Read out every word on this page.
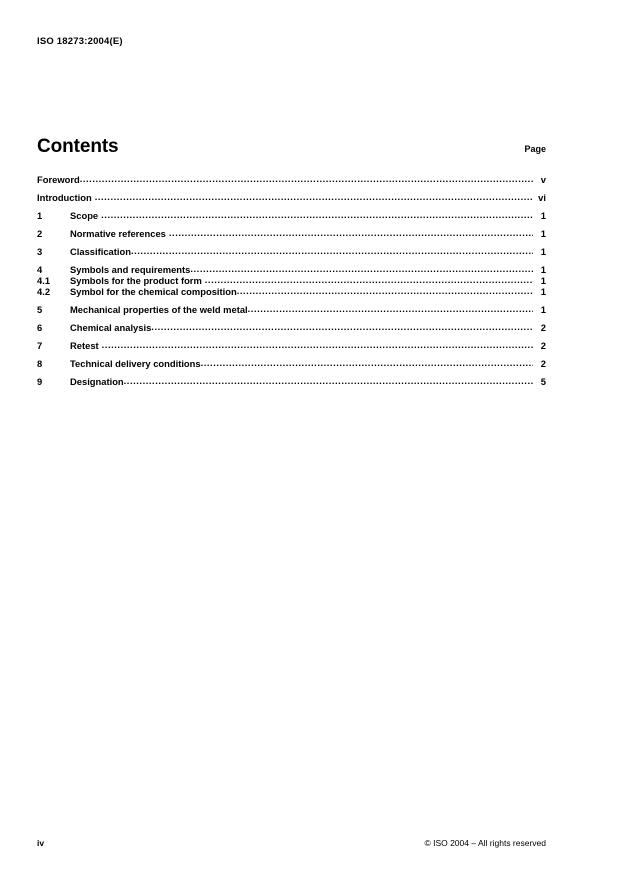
ISO 18273:2004(E)
Contents	Page
Foreword .....	v
Introduction .....	vi
1	Scope .....	1
2	Normative references .....	1
3	Classification .....	1
4	Symbols and requirements .....	1
4.1	Symbols for the product form .....	1
4.2	Symbol for the chemical composition .....	1
5	Mechanical properties of the weld metal .....	1
6	Chemical analysis .....	2
7	Retest .....	2
8	Technical delivery conditions .....	2
9	Designation .....	5
iv	© ISO 2004 – All rights reserved
